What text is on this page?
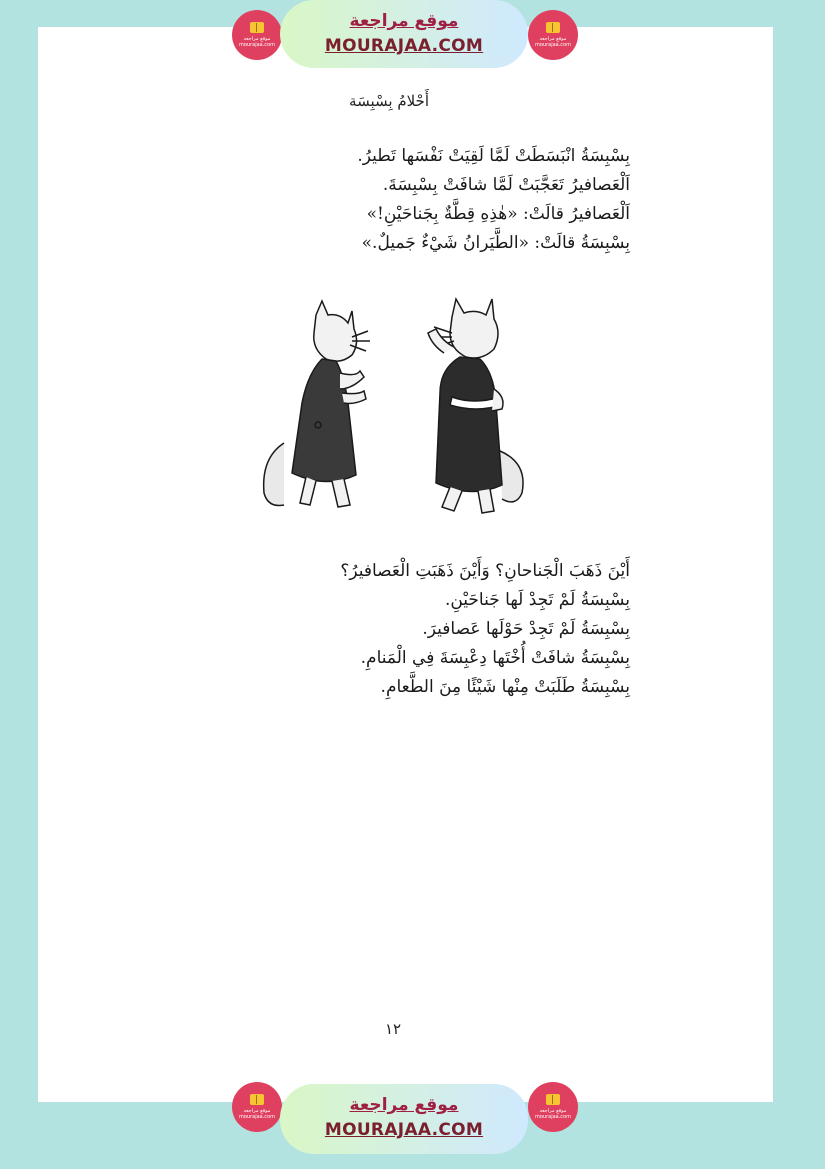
موقع مراجعة
mourajaa.com
موقع مراجعة
MOURAJAA.COM	موقع مراجعة
mourajaa.com
أَحْلامُ بِسْبِسَة
بِسْبِسَةُ انْبَسَطَتْ لَمَّا لَقِيَتْ نَفْسَها تَطيرُ.
اَلْعَصافيرُ تَعَجَّبَتْ لَمَّا شافَتْ بِسْبِسَةَ.
اَلْعَصافيرُ قالَتْ: «هٰذِهِ قِطَّةٌ بِجَناحَيْنِ!»
بِسْبِسَةُ قالَتْ: «الطَّيَرانُ شَيْءٌ جَميلٌ.»
أَيْنَ ذَهَبَ الْجَناحانِ؟ وَأَيْنَ ذَهَبَتِ الْعَصافيرُ؟
بِسْبِسَةُ لَمْ تَجِدْ لَها جَناحَيْنِ.
بِسْبِسَةُ لَمْ تَجِدْ حَوْلَها عَصافيرَ.
بِسْبِسَةُ شافَتْ أُخْتَها دِعْبِسَةَ فِي الْمَنامِ.
بِسْبِسَةُ طَلَبَتْ مِنْها شَيْئًا مِنَ الطَّعامِ.
١٢
موقع مراجعة
mourajaa.com
موقع مراجعة
MOURAJAA.COM
موقع مراجعة
mourajaa.com
